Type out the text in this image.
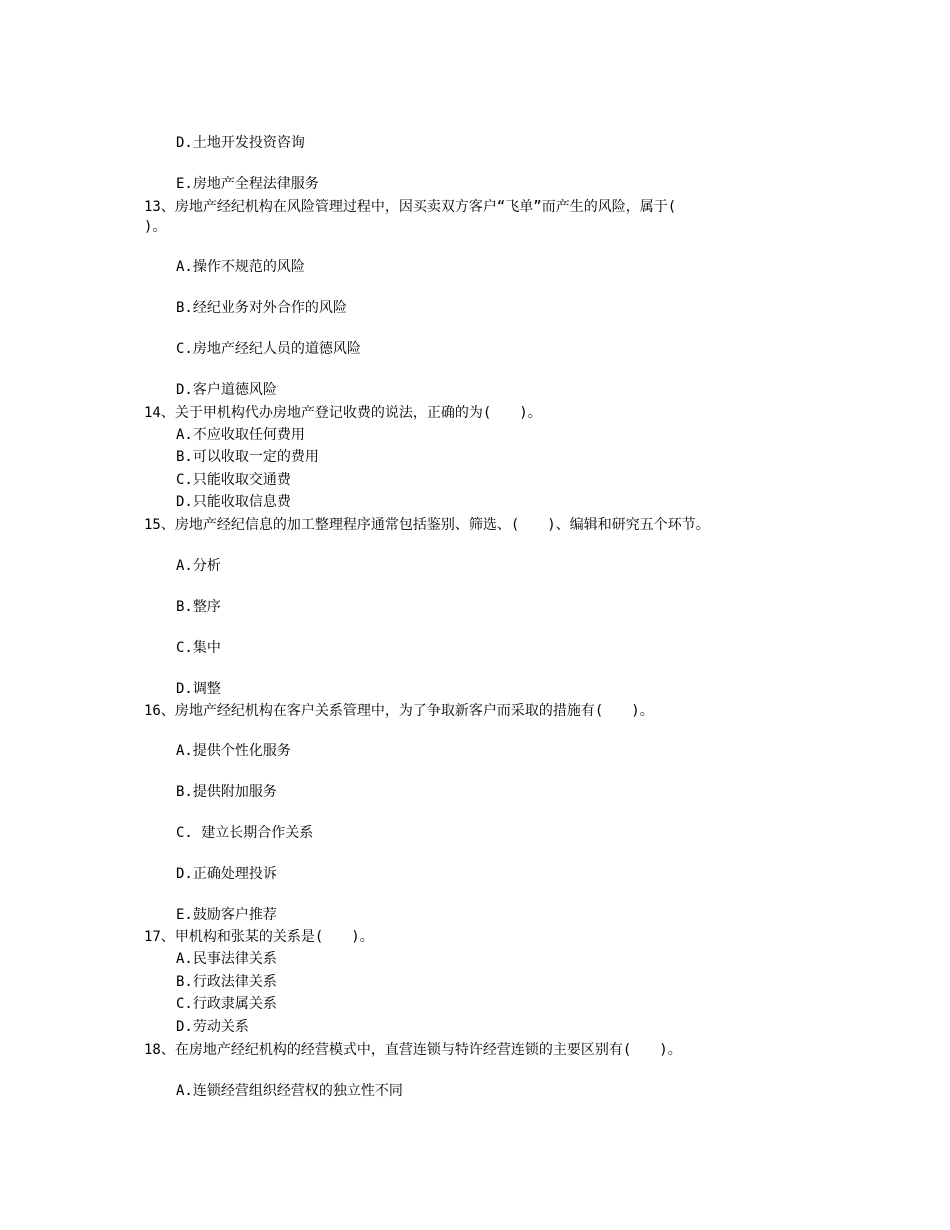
D.土地开发投资咨询
E.房地产全程法律服务
13、房地产经纪机构在风险管理过程中，因买卖双方客户“飞单”而产生的风险，属于(
)。
A.操作不规范的风险
B.经纪业务对外合作的风险
C.房地产经纪人员的道德风险
D.客户道德风险
14、关于甲机构代办房地产登记收费的说法，正确的为(　　)。
A.不应收取任何费用
B.可以收取一定的费用
C.只能收取交通费
D.只能收取信息费
15、房地产经纪信息的加工整理程序通常包括鉴别、筛选、(　　)、编辑和研究五个环节。
A.分析
B.整序
C.集中
D.调整
16、房地产经纪机构在客户关系管理中，为了争取新客户而采取的措施有(　　)。
A.提供个性化服务
B.提供附加服务
C. 建立长期合作关系
D.正确处理投诉
E.鼓励客户推荐
17、甲机构和张某的关系是(　　)。
A.民事法律关系
B.行政法律关系
C.行政隶属关系
D.劳动关系
18、在房地产经纪机构的经营模式中，直营连锁与特许经营连锁的主要区别有(　　)。
A.连锁经营组织经营权的独立性不同
